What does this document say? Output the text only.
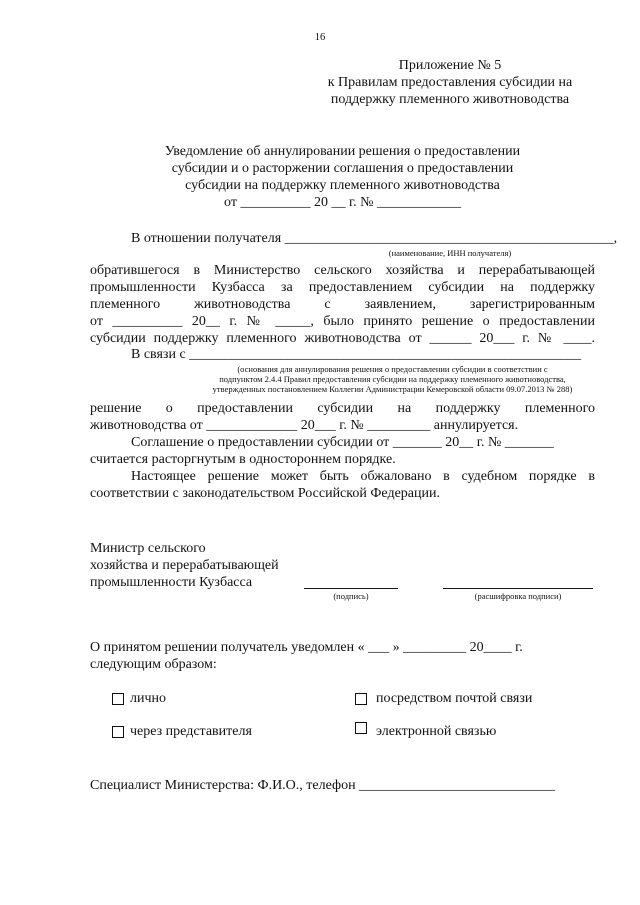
16
Приложение № 5
к Правилам предоставления субсидии на
поддержку племенного животноводства
Уведомление об аннулировании решения о предоставлении
субсидии и о расторжении соглашения о предоставлении
субсидии на поддержку племенного животноводства
от __________ 20 __ г. № ____________
В отношении получателя _______________________________________________,
(наименование, ИНН получателя)
обратившегося в Министерство сельского хозяйства и перерабатывающей
промышленности Кузбасса за предоставлением субсидии на поддержку
племенного животноводства с заявлением, зарегистрированным
от __________ 20__ г. № _____, было принято решение о предоставлении
субсидии поддержку племенного животноводства от ______ 20___ г. № ____.
В связи с ________________________________________________________
(основания для аннулирования решения о предоставлении субсидии в соответствии с
подпунктом 2.4.4 Правил предоставления субсидии на поддержку племенного животноводства,
утвержденных постановлением Коллегии Администрации Кемеровской области 09.07.2013 № 288)
решение о предоставлении субсидии на поддержку племенного
животноводства от _____________ 20___ г. № _________ аннулируется.
Соглашение о предоставлении субсидии от _______ 20__ г. № _______
считается расторгнутым в одностороннем порядке.
Настоящее решение может быть обжаловано в судебном порядке в
соответствии с законодательством Российской Федерации.
Министр сельского
хозяйства и перерабатывающей
промышленности Кузбасса
(подпись)	(расшифровка подписи)
О принятом решении получатель уведомлен « ___ » _________ 20____ г.
следующим образом:
лично	посредством почтой связи
через представителя	электронной связью
Специалист Министерства: Ф.И.О., телефон ____________________________
